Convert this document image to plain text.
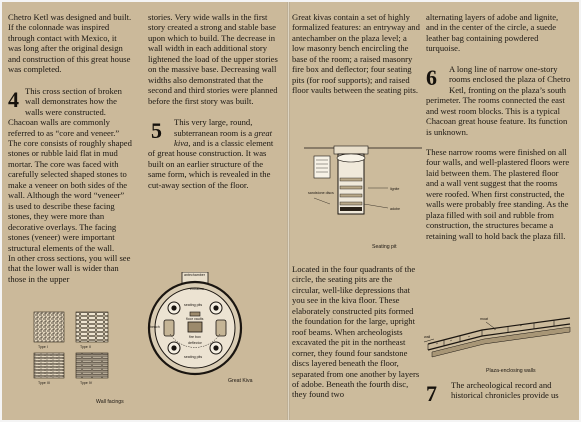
Chetro Ketl was designed and built. If the colonnade was inspired through contact with Mexico, it was long after the original design and construction of this great house was completed.

4 This cross section of broken wall demonstrates how the walls were constructed. Chacoan walls are commonly referred to as “core and veneer.” The core consists of roughly shaped stones or rubble laid flat in mud mortar. The core was faced with carefully selected shaped stones to make a veneer on both sides of the wall. Although the word “veneer” is used to describe these facing stones, they were more than decorative overlays. The facing stones (veneer) were important structural elements of the wall.

In other cross sections, you will see that the lower wall is wider than those in the upper

stories. Very wide walls in the first story created a strong and stable base upon which to build. The decrease in wall width in each additional story lightened the load of the upper stories on the massive base. Decreasing wall widths also demonstrated that the second and third stories were planned before the first story was built.

5 This very large, round, subterranean room is a great kiva, and is a classic element of great house construction. It was built on an earlier structure of the same form, which is revealed in the cut-away section of the floor.
Type I	Type II
Type III	Type IV
Wall facings
antechamber
entrance
seating pits
bench
floor vaults
fire box
deflector
seating pits
Great Kiva

Great kivas contain a set of highly formalized features: an entryway and antechamber on the plaza level; a low masonry bench encircling the base of the room; a raised masonry fire box and deflector; four seating pits (for roof supports); and raised floor vaults between the seating pits.

sandstone discs
lignite
adobe
Seating pit

Located in the four quadrants of the circle, the seating pits are the circular, well-like depressions that you see in the kiva floor. These elaborately constructed pits formed the foundation for the large, upright roof beams. When archeologists excavated the pit in the northeast corner, they found four sandstone discs layered beneath the floor, separated from one another by layers of adobe. Beneath the fourth disc, they found two

alternating layers of adobe and lignite, and in the center of the circle, a suede leather bag containing powdered turquoise.

6 A long line of narrow one-story rooms enclosed the plaza of Chetro Ketl, fronting on the plaza’s south perimeter. The rooms connected the east and west room blocks. This is a typical Chacoan great house feature. Its function is unknown.

These narrow rooms were finished on all four walls, and well-plastered floors were laid between them. The plastered floor and a wall vent suggest that the rooms were roofed. When first constructed, the walls were probably free standing. As the plaza filled with soil and rubble from construction, the structures became a retaining wall to hold back the plaza fill.

wall
moat
Plaza-enclosing walls
7 The archeological record and historical chronicles provide us
